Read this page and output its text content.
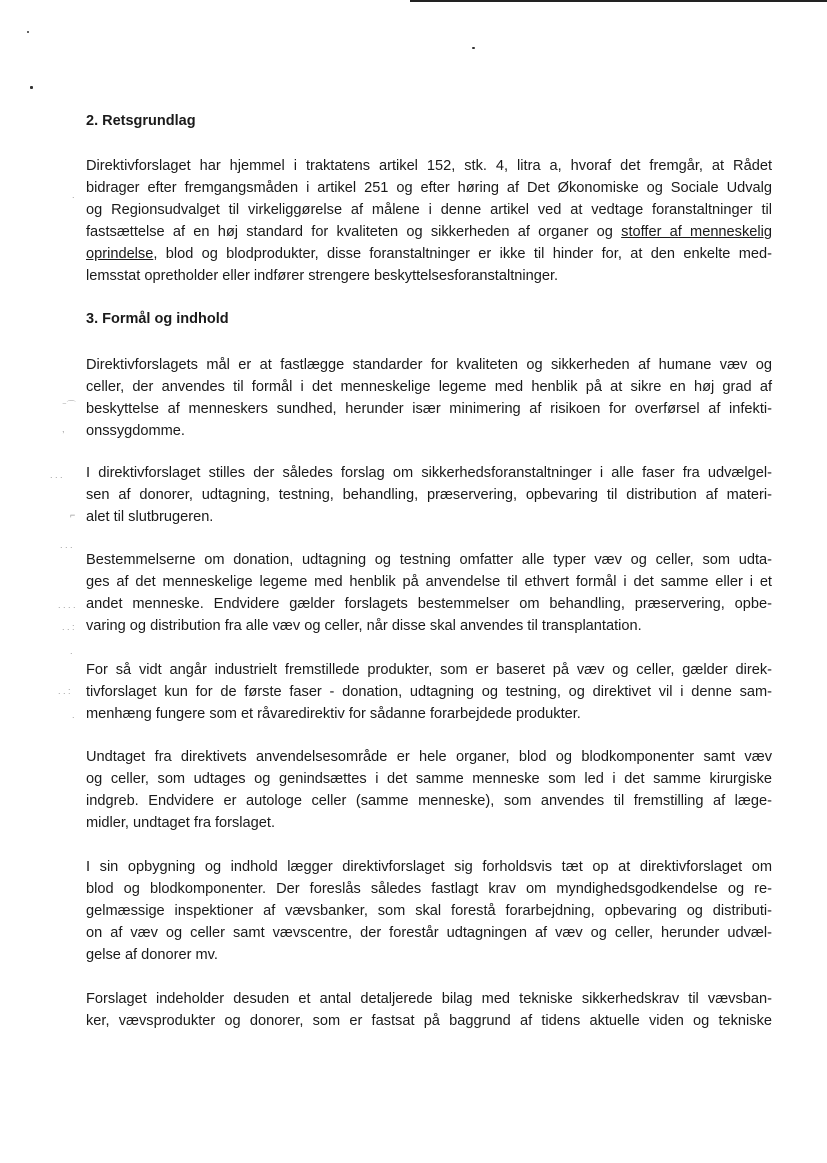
⁻⌒
,
. . .
⌐
. . .
. . . .
. . :
.
. . :
.
.
2. Retsgrundlag
Direktivforslaget har hjemmel i traktatens artikel 152, stk. 4, litra a, hvoraf det fremgår, at Rådet
bidrager efter fremgangsmåden i artikel 251 og efter høring af Det Økonomiske og Sociale Udvalg
og Regionsudvalget til virkeliggørelse af målene i denne artikel ved at vedtage foranstaltninger til
fastsættelse af en høj standard for kvaliteten og sikkerheden af organer og stoffer af menneskelig
oprindelse, blod og blodprodukter, disse foranstaltninger er ikke til hinder for, at den enkelte med-
lemsstat opretholder eller indfører strengere beskyttelsesforanstaltninger.
3. Formål og indhold
Direktivforslagets mål er at fastlægge standarder for kvaliteten og sikkerheden af humane væv og
celler, der anvendes til formål i det menneskelige legeme med henblik på at sikre en høj grad af
beskyttelse af menneskers sundhed, herunder især minimering af risikoen for overførsel af infekti-
onssygdomme.
I direktivforslaget stilles der således forslag om sikkerhedsforanstaltninger i alle faser fra udvælgel-
sen af donorer, udtagning, testning, behandling, præservering, opbevaring til distribution af materi-
alet til slutbrugeren.
Bestemmelserne om donation, udtagning og testning omfatter alle typer væv og celler, som udta-
ges af det menneskelige legeme med henblik på anvendelse til ethvert formål i det samme eller i et
andet menneske. Endvidere gælder forslagets bestemmelser om behandling, præservering, opbe-
varing og distribution fra alle væv og celler, når disse skal anvendes til transplantation.
For så vidt angår industrielt fremstillede produkter, som er baseret på væv og celler, gælder direk-
tivforslaget kun for de første faser - donation, udtagning og testning, og direktivet vil i denne sam-
menhæng fungere som et råvaredirektiv for sådanne forarbejdede produkter.
Undtaget fra direktivets anvendelsesområde er hele organer, blod og blodkomponenter samt væv
og celler, som udtages og genindsættes i det samme menneske som led i det samme kirurgiske
indgreb. Endvidere er autologe celler (samme menneske), som anvendes til fremstilling af læge-
midler, undtaget fra forslaget.
I sin opbygning og indhold lægger direktivforslaget sig forholdsvis tæt op at direktivforslaget om
blod og blodkomponenter. Der foreslås således fastlagt krav om myndighedsgodkendelse og re-
gelmæssige inspektioner af vævsbanker, som skal forestå forarbejdning, opbevaring og distributi-
on af væv og celler samt vævscentre, der forestår udtagningen af væv og celler, herunder udvæl-
gelse af donorer mv.
Forslaget indeholder desuden et antal detaljerede bilag med tekniske sikkerhedskrav til vævsban-
ker, vævsprodukter og donorer, som er fastsat på baggrund af tidens aktuelle viden og tekniske
